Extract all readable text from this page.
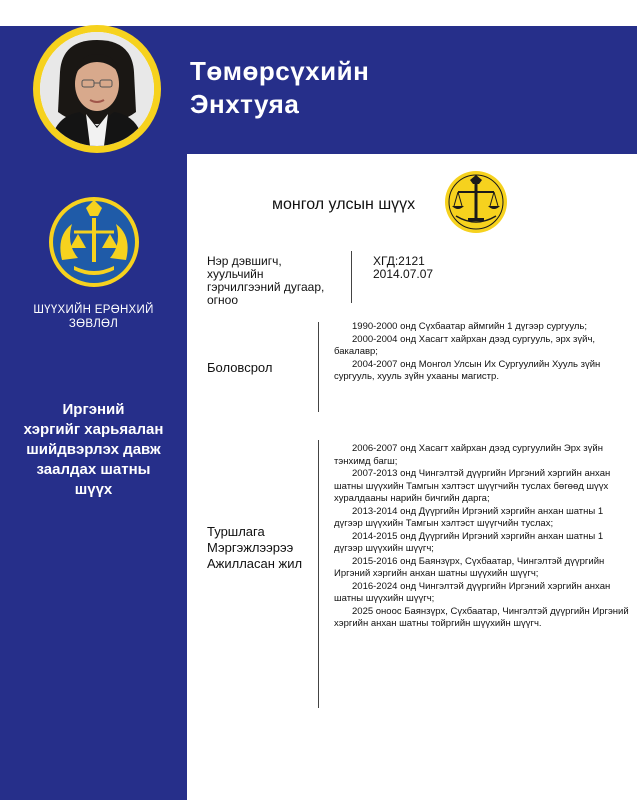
Төмөрсүхийн
Энхтуяа
ШҮҮХИЙН ЕРӨНХИЙ
ЗӨВЛӨЛ
Иргэний
хэргийг харьяалан
шийдвэрлэх давж
заалдах шатны
шүүх
монгол улсын шүүх
Нэр дэвшигч,
хуульчийн
гэрчилгээний дугаар,
огноо
ХГД:2121
2014.07.07
Боловсрол
1990-2000 онд Сүхбаатар аймгийн 1 дүгээр сургууль;
2000-2004 онд Хасагт хайрхан дээд сургууль, эрх зүйч, бакалавр;
2004-2007 онд Монгол Улсын Их Сургуулийн Хууль зүйн сургууль, хууль зүйн ухааны магистр.
Туршлага
Мэргэжлээрээ
Ажилласан жил
2006-2007 онд Хасагт хайрхан дээд сургуулийн Эрх зүйн тэнхимд багш;
2007-2013 онд Чингэлтэй дүүргийн Иргэний хэргийн анхан шатны шүүхийн Тамгын хэлтэст шүүгчийн туслах бөгөөд шүүх хуралдааны нарийн бичгийн дарга;
2013-2014 онд Дүүргийн Иргэний хэргийн анхан шатны 1 дүгээр шүүхийн Тамгын хэлтэст шүүгчийн туслах;
2014-2015 онд Дүүргийн Иргэний хэргийн анхан шатны 1 дүгээр шүүхийн шүүгч;
2015-2016 онд Баянзүрх, Сүхбаатар, Чингэлтэй дүүргийн Иргэний хэргийн анхан шатны шүүхийн шүүгч;
2016-2024 онд Чингэлтэй дүүргийн Иргэний хэргийн анхан шатны шүүхийн шүүгч;
2025 оноос Баянзүрх, Сүхбаатар, Чингэлтэй дүүргийн Иргэний хэргийн анхан шатны тойргийн шүүхийн шүүгч.
